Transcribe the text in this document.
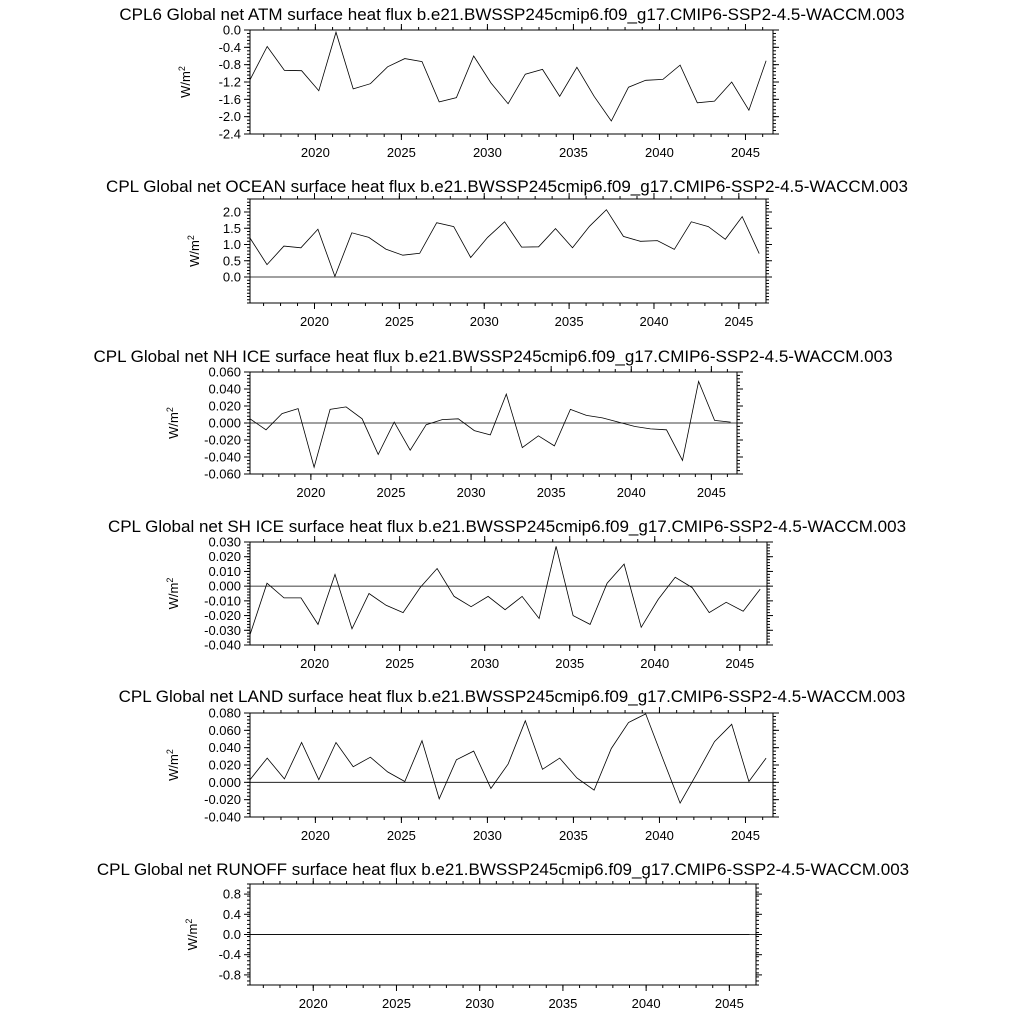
CPL6 Global net ATM surface heat flux b.e21.BWSSP245cmip6.f09_g17.CMIP6-SSP2-4.5-WACCM.003
-2.4
-2.0
-1.6
-1.2
-0.8
-0.4
0.0
2020	2025	2030	2035	2040	2045
$W/m^2$
CPL Global net OCEAN surface heat flux b.e21.BWSSP245cmip6.f09_g17.CMIP6-SSP2-4.5-WACCM.003
0.0
0.5
1.0
1.5
2.0
2020	2025	2030	2035	2040	2045
$W/m^2$
CPL Global net NH ICE surface heat flux b.e21.BWSSP245cmip6.f09_g17.CMIP6-SSP2-4.5-WACCM.003
-0.060
-0.040
-0.020
0.000
0.020
0.040
0.060
2020	2025	2030	2035	2040	2045
$W/m^2$
CPL Global net SH ICE surface heat flux b.e21.BWSSP245cmip6.f09_g17.CMIP6-SSP2-4.5-WACCM.003
-0.040
-0.030
-0.020
-0.010
0.000
0.010
0.020
0.030
2020	2025	2030	2035	2040	2045
$W/m^2$
CPL Global net LAND surface heat flux b.e21.BWSSP245cmip6.f09_g17.CMIP6-SSP2-4.5-WACCM.003
-0.040
-0.020
0.000
0.020
0.040
0.060
0.080
2020	2025	2030	2035	2040	2045
$W/m^2$
CPL Global net RUNOFF surface heat flux b.e21.BWSSP245cmip6.f09_g17.CMIP6-SSP2-4.5-WACCM.003
-0.8
-0.4
0.0
0.4
0.8
2020	2025	2030	2035	2040	2045
$W/m^2$
